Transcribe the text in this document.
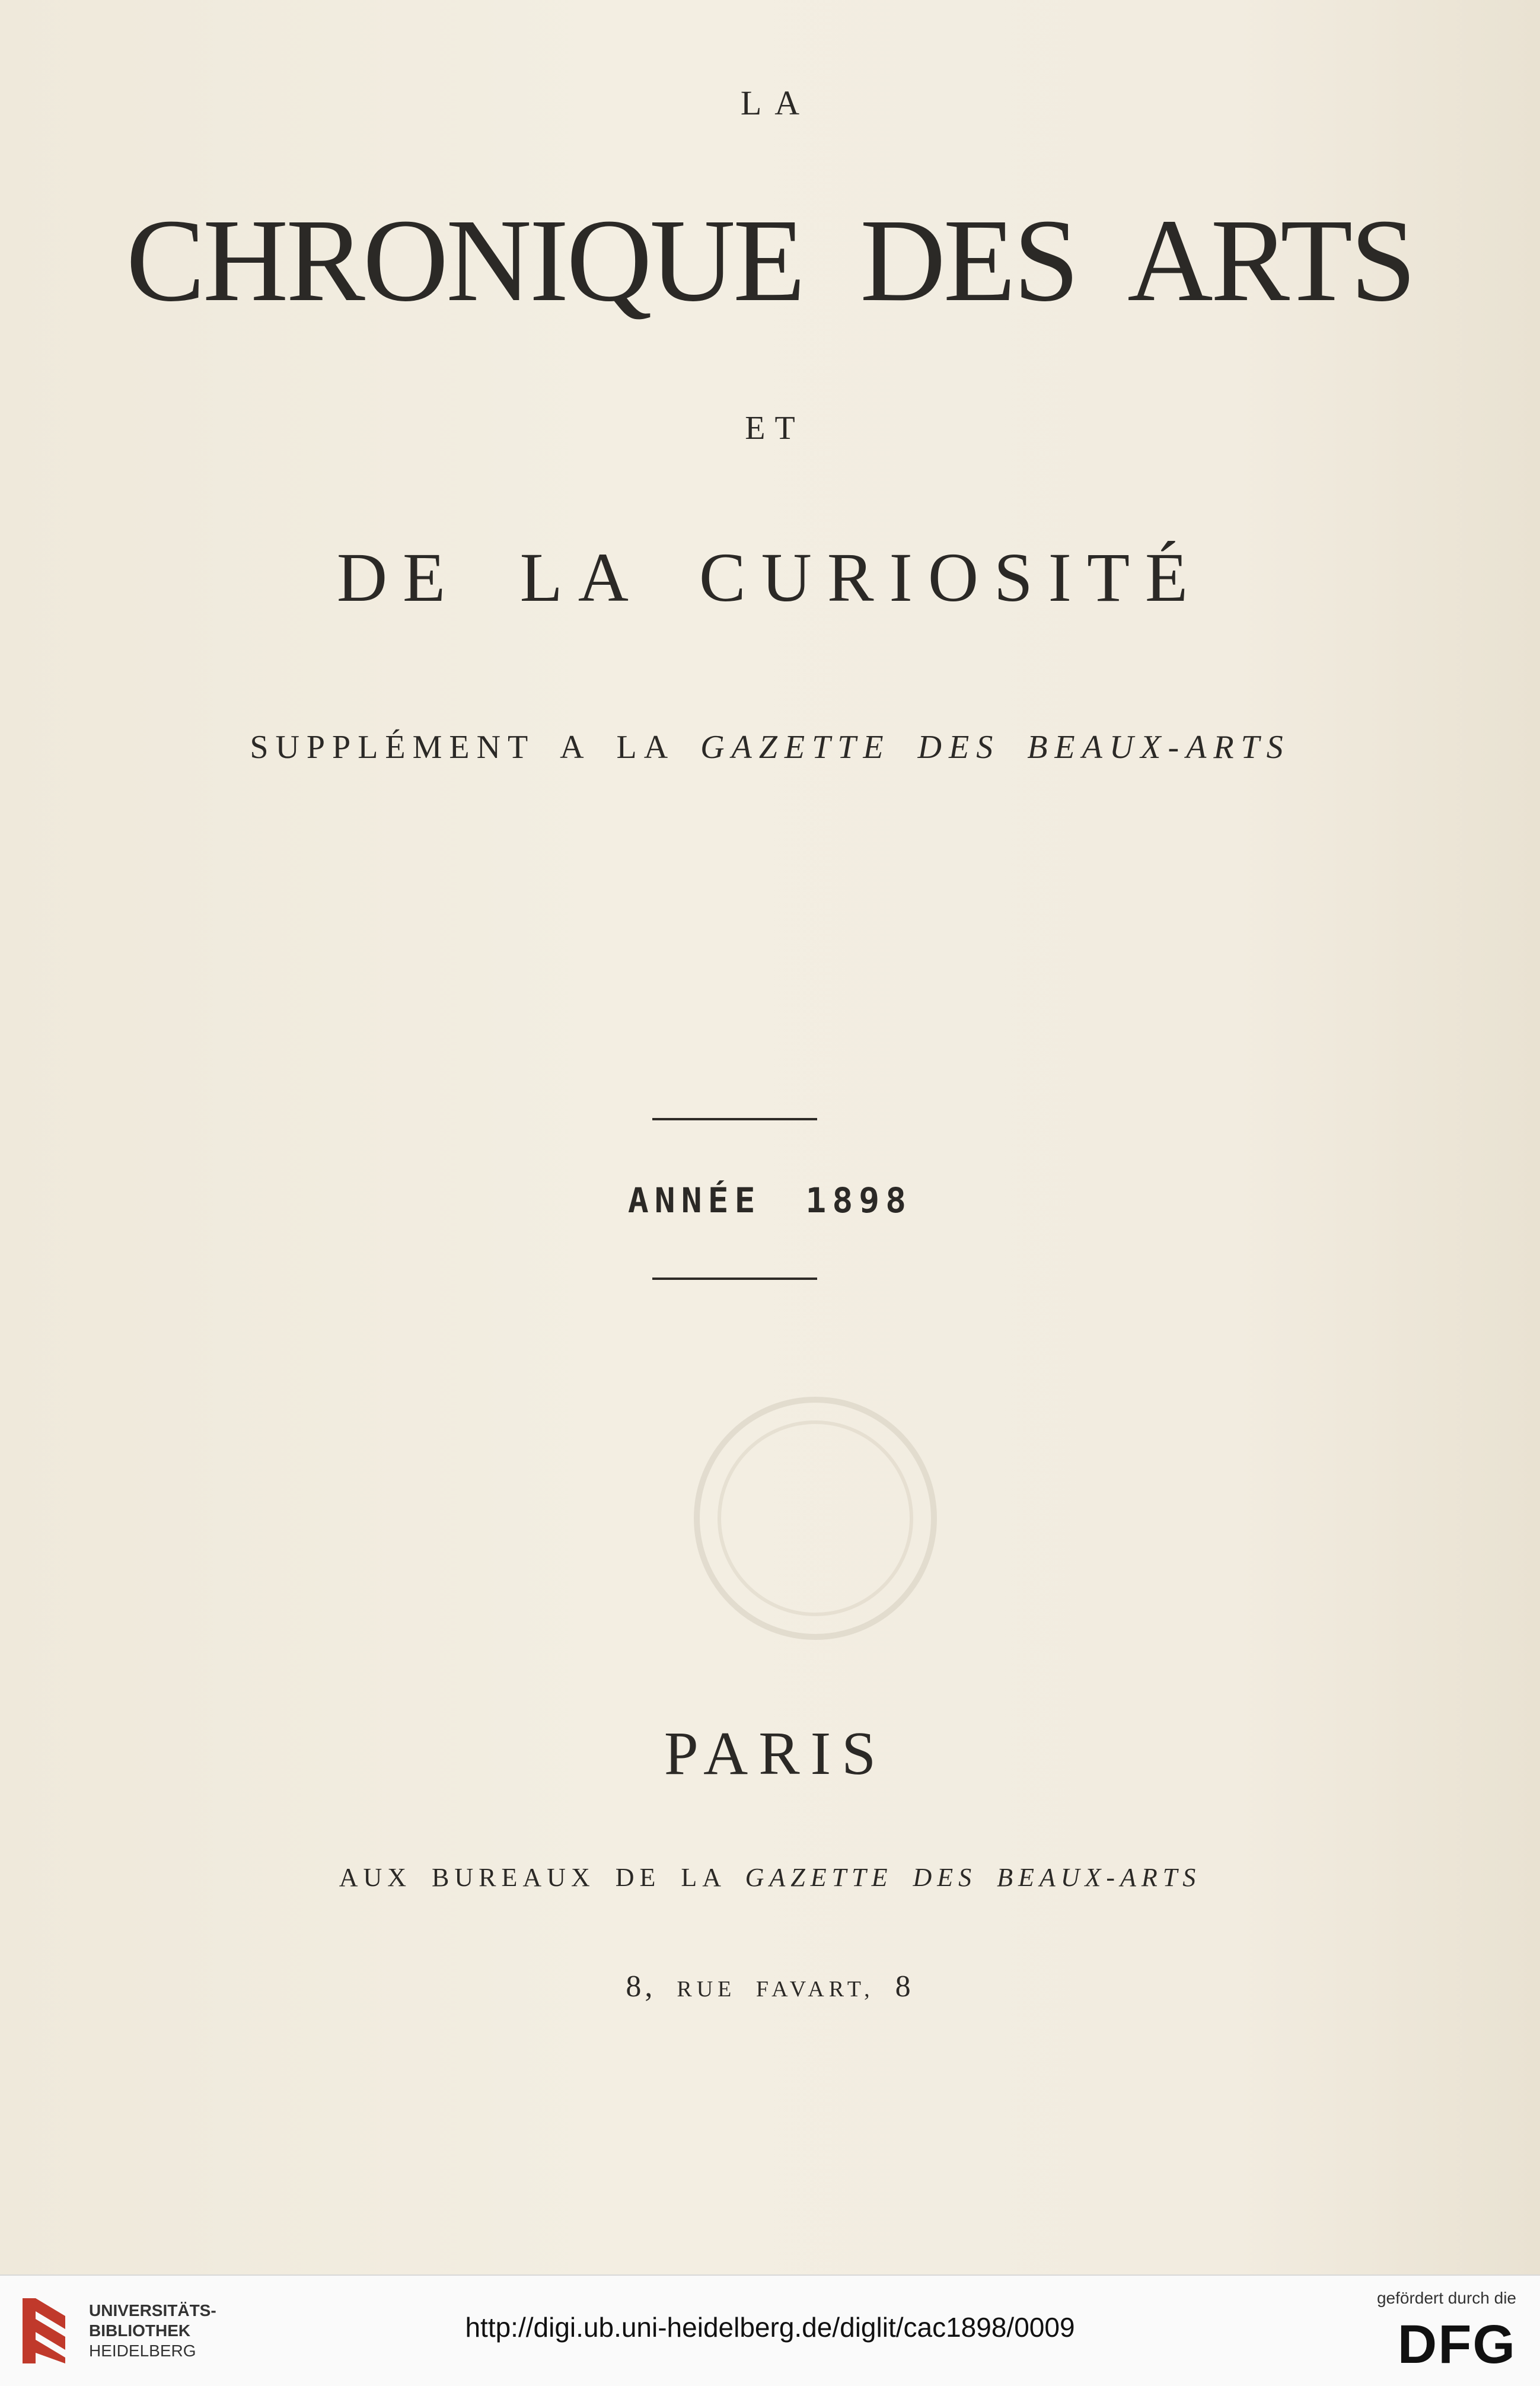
LA
CHRONIQUE DES ARTS
ET
DE LA CURIOSITÉ
SUPPLÉMENT A LA GAZETTE DES BEAUX-ARTS
ANNÉE 1898
PARIS
AUX BUREAUX DE LA GAZETTE DES BEAUX-ARTS
8, RUE FAVART, 8
UNIVERSITÄTS-
BIBLIOTHEK
HEIDELBERG
http://digi.ub.uni-heidelberg.de/diglit/cac1898/0009
gefördert durch die
DFG
